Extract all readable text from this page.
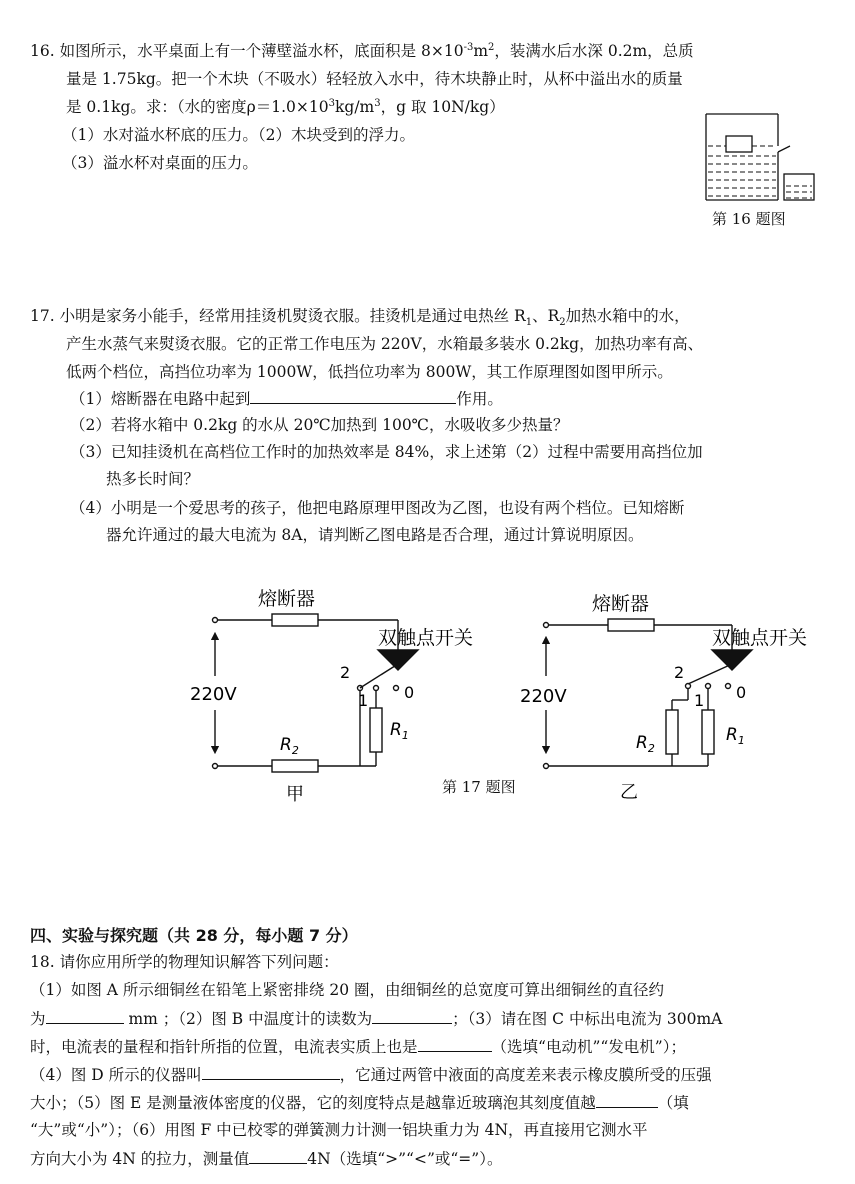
16. 如图所示，水平桌面上有一个薄壁溢水杯，底面积是 $8\times 10^{-3}m^2$，装满水后水深 0.2m，总质
量是 1.75kg。把一个木块（不吸水）轻轻放入水中，待木块静止时，从杯中溢出水的质量
是 0.1kg。求：（水的密度$\rho=1.0\times 10^3kg/m^3$，g 取 10N/kg）
（1）水对溢水杯底的压力。（2）木块受到的浮力。
（3）溢水杯对桌面的压力。
第 16 题图
17. 小明是家务小能手，经常用挂烫机熨烫衣服。挂烫机是通过电热丝 $R_1$、$R_2$加热水箱中的水，
产生水蒸气来熨烫衣服。它的正常工作电压为 220V，水箱最多装水 0.2kg，加热功率有高、
低两个档位，高挡位功率为 1000W，低挡位功率为 800W，其工作原理图如图甲所示。
（1）熔断器在电路中起到	作用。
（2）若将水箱中 0.2kg 的水从 20℃加热到 100℃，水吸收多少热量？
（3）已知挂烫机在高档位工作时的加热效率是 84%，求上述第（2）过程中需要用高挡位加
热多长时间？
（4）小明是一个爱思考的孩子，他把电路原理甲图改为乙图，也设有两个档位。已知熔断
器允许通过的最大电流为 8A，请判断乙图电路是否合理，通过计算说明原因。
熔断器
双触点开关
220V
2
1 0
$R_1$
$R_2$
甲
熔断器
双触点开关
220V
2
1 0
$R_1$
$R_2$
乙
第 17 题图
四、实验与探究题（共 28 分，每小题 7 分）
18. 请你应用所学的物理知识解答下列问题：
（1）如图 A 所示细铜丝在铅笔上紧密排绕 20 圈，由细铜丝的总宽度可算出细铜丝的直径约
为	mm ；（2）图 B 中温度计的读数为	；（3）请在图 C 中标出电流为 300mA
时，电流表的量程和指针所指的位置，电流表实质上也是	（选填“电动机”“发电机”）；
（4）图 D 所示的仪器叫	，它通过两管中液面的高度差来表示橡皮膜所受的压强
大小；（5）图 E 是测量液体密度的仪器，它的刻度特点是越靠近玻璃泡其刻度值越	（填
“大”或“小”）；（6）用图 F 中已校零的弹簧测力计测一铝块重力为 4N，再直接用它测水平
方向大小为 4N 的拉力，测量值	4N（选填“>”“<”或“=”）。
